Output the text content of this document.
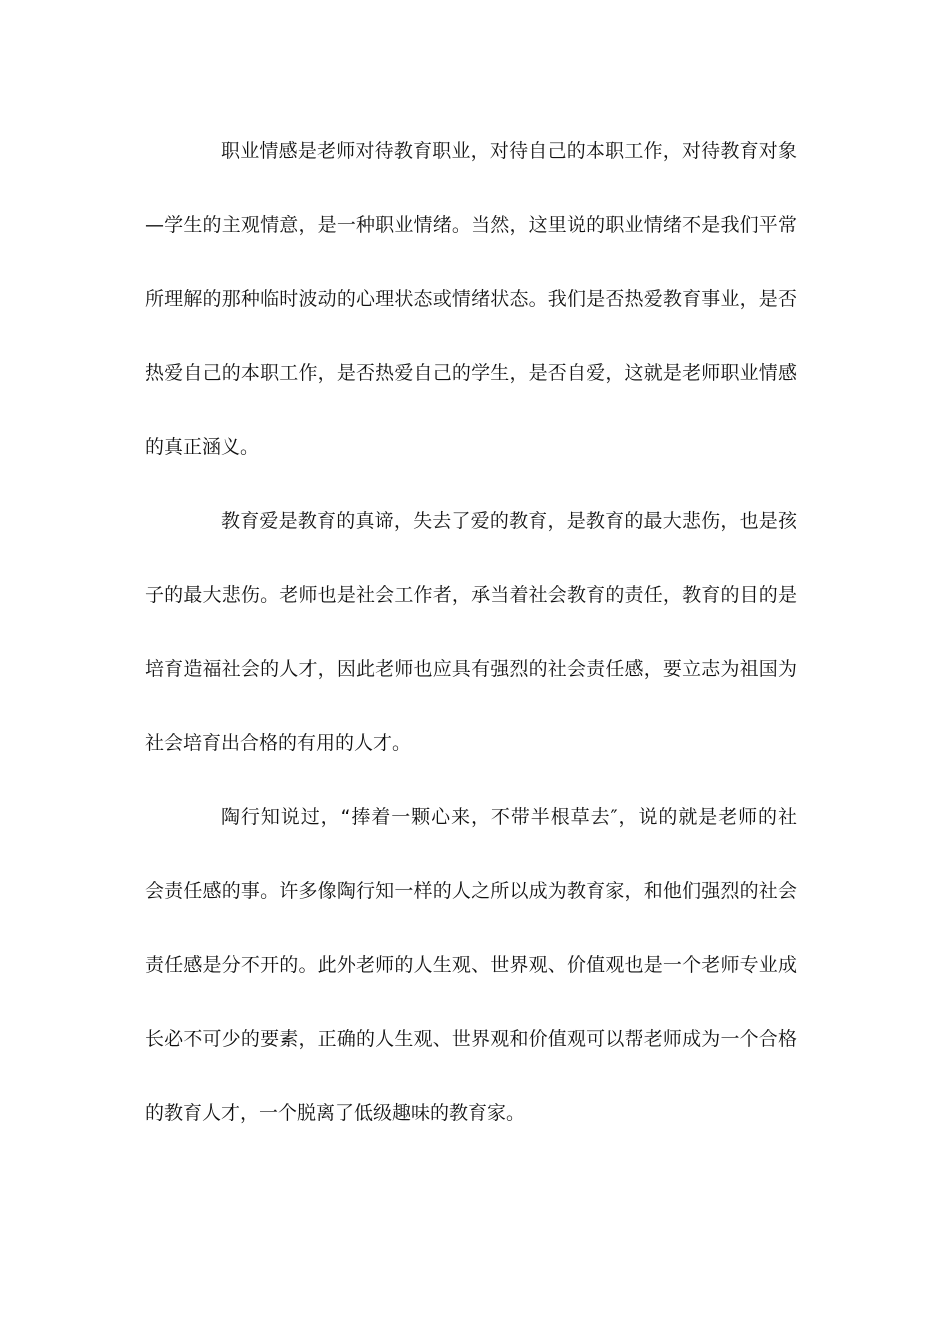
职业情感是老师对待教育职业，对待自己的本职工作，对待教育对象
—学生的主观情意，是一种职业情绪。当然，这里说的职业情绪不是我们平常
所理解的那种临时波动的心理状态或情绪状态。我们是否热爱教育事业，是否
热爱自己的本职工作，是否热爱自己的学生，是否自爱，这就是老师职业情感
的真正涵义。

教育爱是教育的真谛，失去了爱的教育，是教育的最大悲伤，也是孩
子的最大悲伤。老师也是社会工作者，承当着社会教育的责任，教育的目的是
培育造福社会的人才，因此老师也应具有强烈的社会责任感，要立志为祖国为
社会培育出合格的有用的人才。

陶行知说过，“捧着一颗心来，不带半根草去″，说的就是老师的社
会责任感的事。许多像陶行知一样的人之所以成为教育家，和他们强烈的社会
责任感是分不开的。此外老师的人生观、世界观、价值观也是一个老师专业成
长必不可少的要素，正确的人生观、世界观和价值观可以帮老师成为一个合格
的教育人才，一个脱离了低级趣味的教育家。
